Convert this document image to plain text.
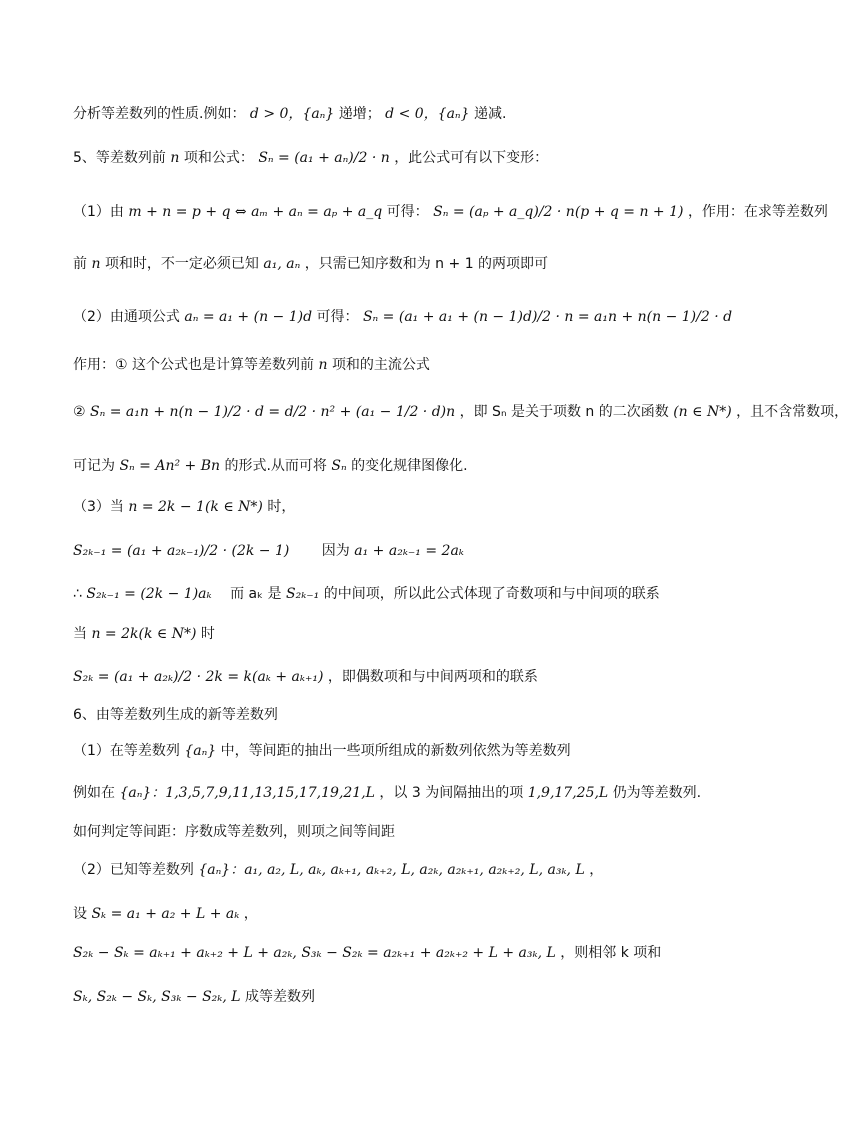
分析等差数列的性质.例如： d > 0，{aₙ} 递增； d < 0，{aₙ} 递减.
5、等差数列前 n 项和公式： Sₙ = (a₁ + aₙ)/2 · n ，此公式可有以下变形：
（1）由 m + n = p + q ⇔ aₘ + aₙ = aₚ + a_q 可得： Sₙ = (aₚ + a_q)/2 · n(p + q = n + 1) ，作用：在求等差数列
前 n 项和时，不一定必须已知 a₁, aₙ ，只需已知序数和为 n + 1 的两项即可
（2）由通项公式 aₙ = a₁ + (n − 1)d 可得： Sₙ = (a₁ + a₁ + (n − 1)d)/2 · n = a₁n + n(n − 1)/2 · d
作用：① 这个公式也是计算等差数列前 n 项和的主流公式
② Sₙ = a₁n + n(n − 1)/2 · d = d/2 · n² + (a₁ − 1/2 · d)n ，即 Sₙ 是关于项数 n 的二次函数 (n ∈ N*) ，且不含常数项，
可记为 Sₙ = An² + Bn 的形式.从而可将 Sₙ 的变化规律图像化.
（3）当 n = 2k − 1(k ∈ N*) 时，
S₂ₖ₋₁ = (a₁ + a₂ₖ₋₁)/2 · (2k − 1) 　　因为 a₁ + a₂ₖ₋₁ = 2aₖ
∴ S₂ₖ₋₁ = (2k − 1)aₖ 　而 aₖ 是 S₂ₖ₋₁ 的中间项，所以此公式体现了奇数项和与中间项的联系
当 n = 2k(k ∈ N*) 时
S₂ₖ = (a₁ + a₂ₖ)/2 · 2k = k(aₖ + aₖ₊₁) ，即偶数项和与中间两项和的联系
6、由等差数列生成的新等差数列
（1）在等差数列 {aₙ} 中，等间距的抽出一些项所组成的新数列依然为等差数列
例如在 {aₙ}：1,3,5,7,9,11,13,15,17,19,21,L ，以 3 为间隔抽出的项 1,9,17,25,L 仍为等差数列.
如何判定等间距：序数成等差数列，则项之间等间距
（2）已知等差数列 {aₙ}：a₁, a₂, L, aₖ, aₖ₊₁, aₖ₊₂, L, a₂ₖ, a₂ₖ₊₁, a₂ₖ₊₂, L, a₃ₖ, L ，
设 Sₖ = a₁ + a₂ + L + aₖ ，
S₂ₖ − Sₖ = aₖ₊₁ + aₖ₊₂ + L + a₂ₖ, S₃ₖ − S₂ₖ = a₂ₖ₊₁ + a₂ₖ₊₂ + L + a₃ₖ, L ，则相邻 k 项和
Sₖ, S₂ₖ − Sₖ, S₃ₖ − S₂ₖ, L 成等差数列
